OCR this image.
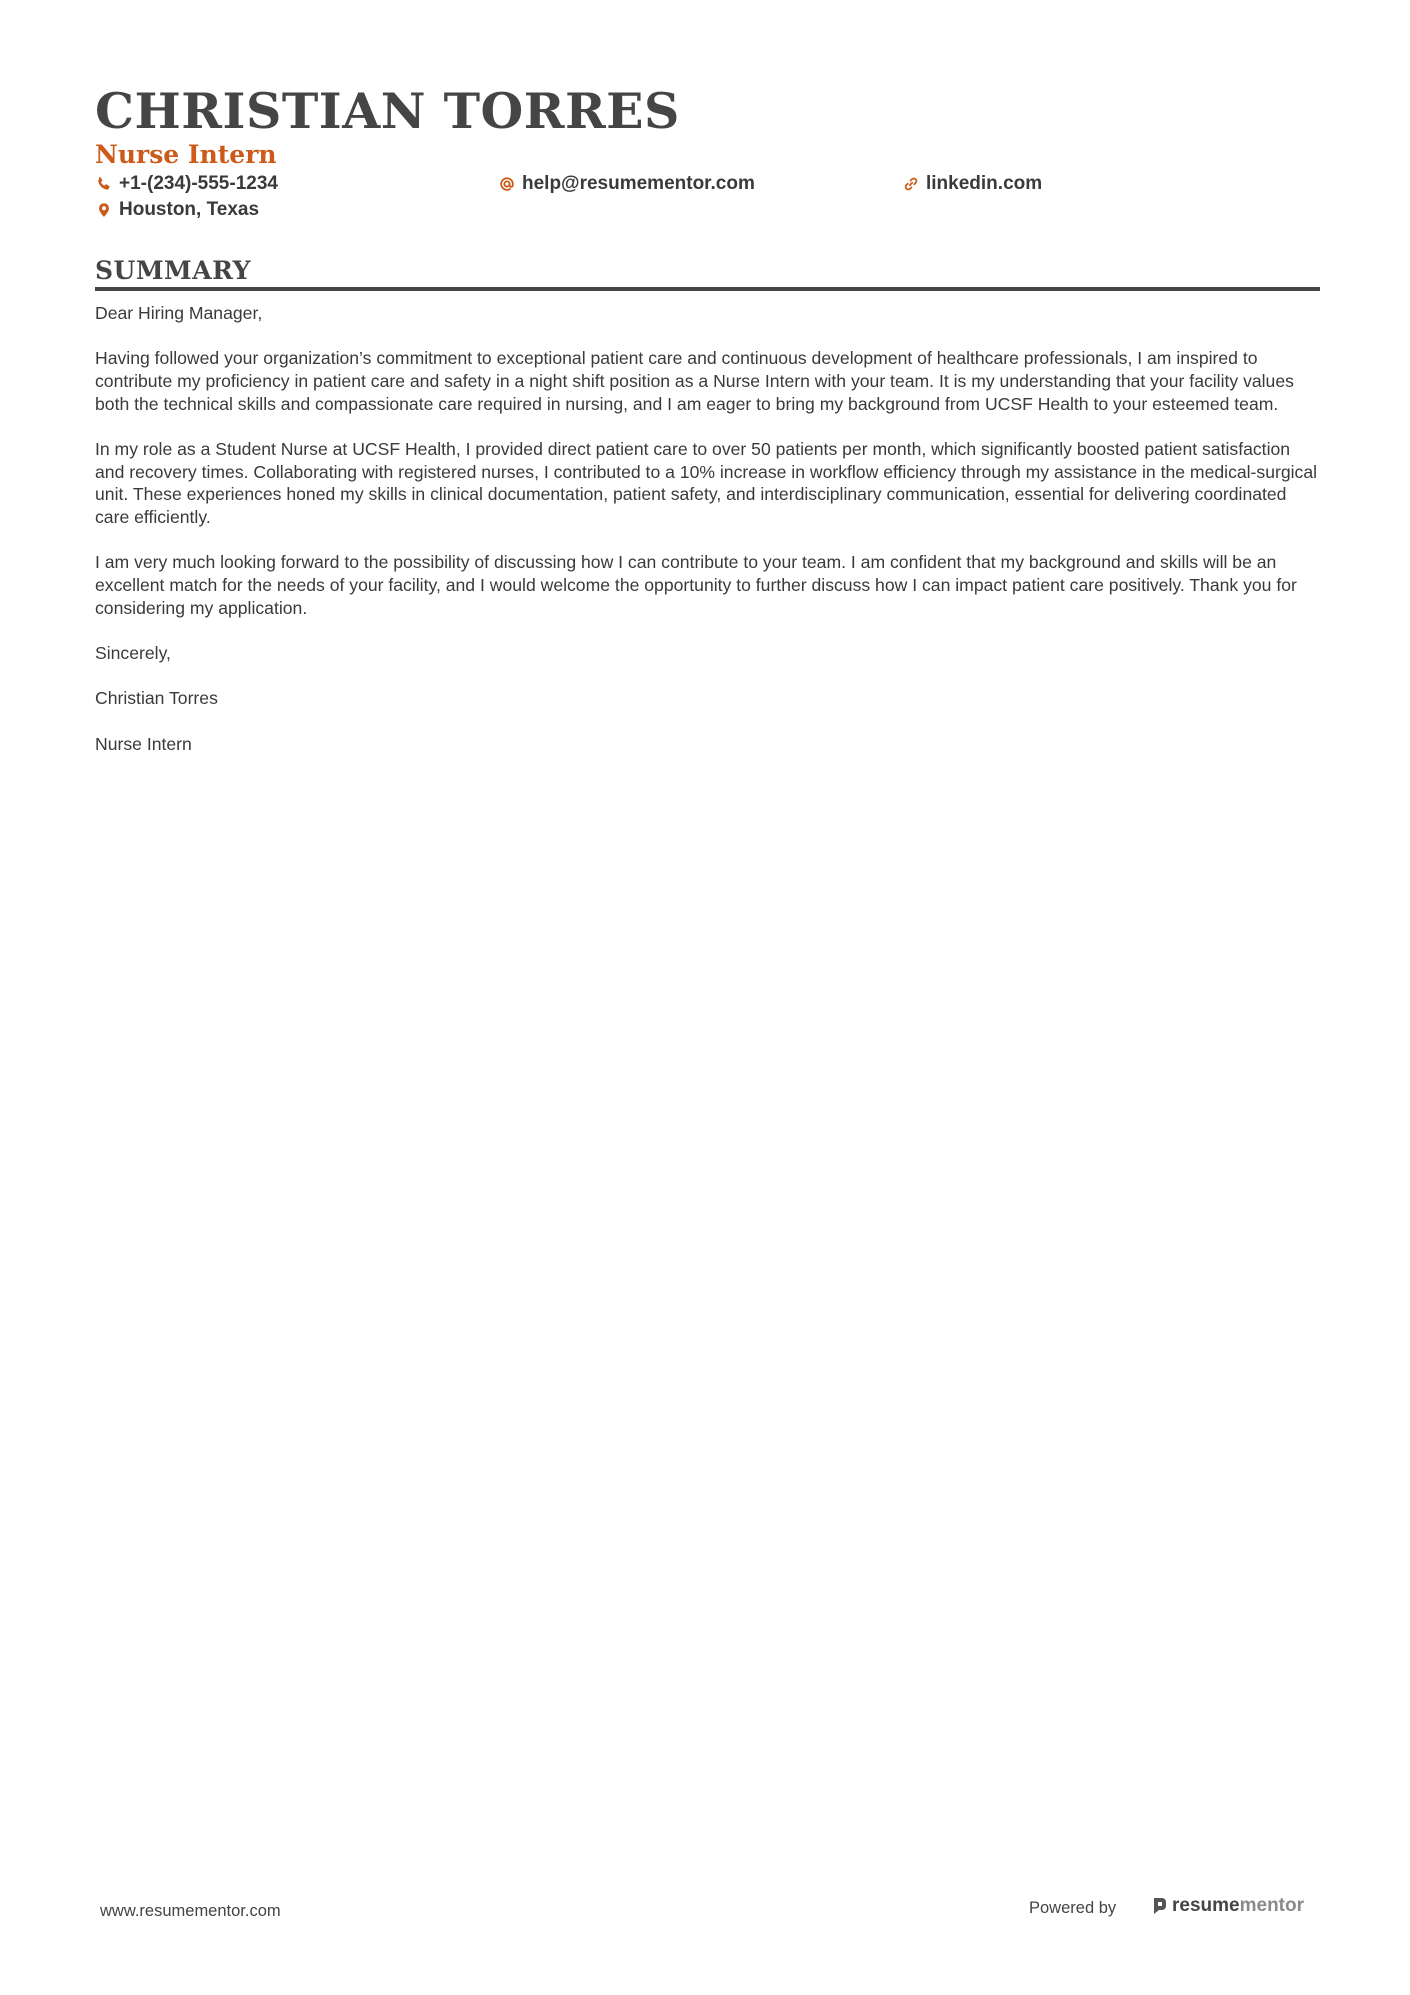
CHRISTIAN TORRES
Nurse Intern
+1-(234)-555-1234	help@resumementor.com	linkedin.com
Houston, Texas
SUMMARY

Dear Hiring Manager,

Having followed your organization’s commitment to exceptional patient care and continuous development of healthcare professionals, I am inspired to contribute my proficiency in patient care and safety in a night shift position as a Nurse Intern with your team. It is my understanding that your facility values both the technical skills and compassionate care required in nursing, and I am eager to bring my background from UCSF Health to your esteemed team.

In my role as a Student Nurse at UCSF Health, I provided direct patient care to over 50 patients per month, which significantly boosted patient satisfaction and recovery times. Collaborating with registered nurses, I contributed to a 10% increase in workflow efficiency through my assistance in the medical-surgical unit. These experiences honed my skills in clinical documentation, patient safety, and interdisciplinary communication, essential for delivering coordinated care efficiently.

I am very much looking forward to the possibility of discussing how I can contribute to your team. I am confident that my background and skills will be an excellent match for the needs of your facility, and I would welcome the opportunity to further discuss how I can impact patient care positively. Thank you for considering my application.

Sincerely,

Christian Torres

Nurse Intern

www.resumementor.com	Powered by	resume mentor
